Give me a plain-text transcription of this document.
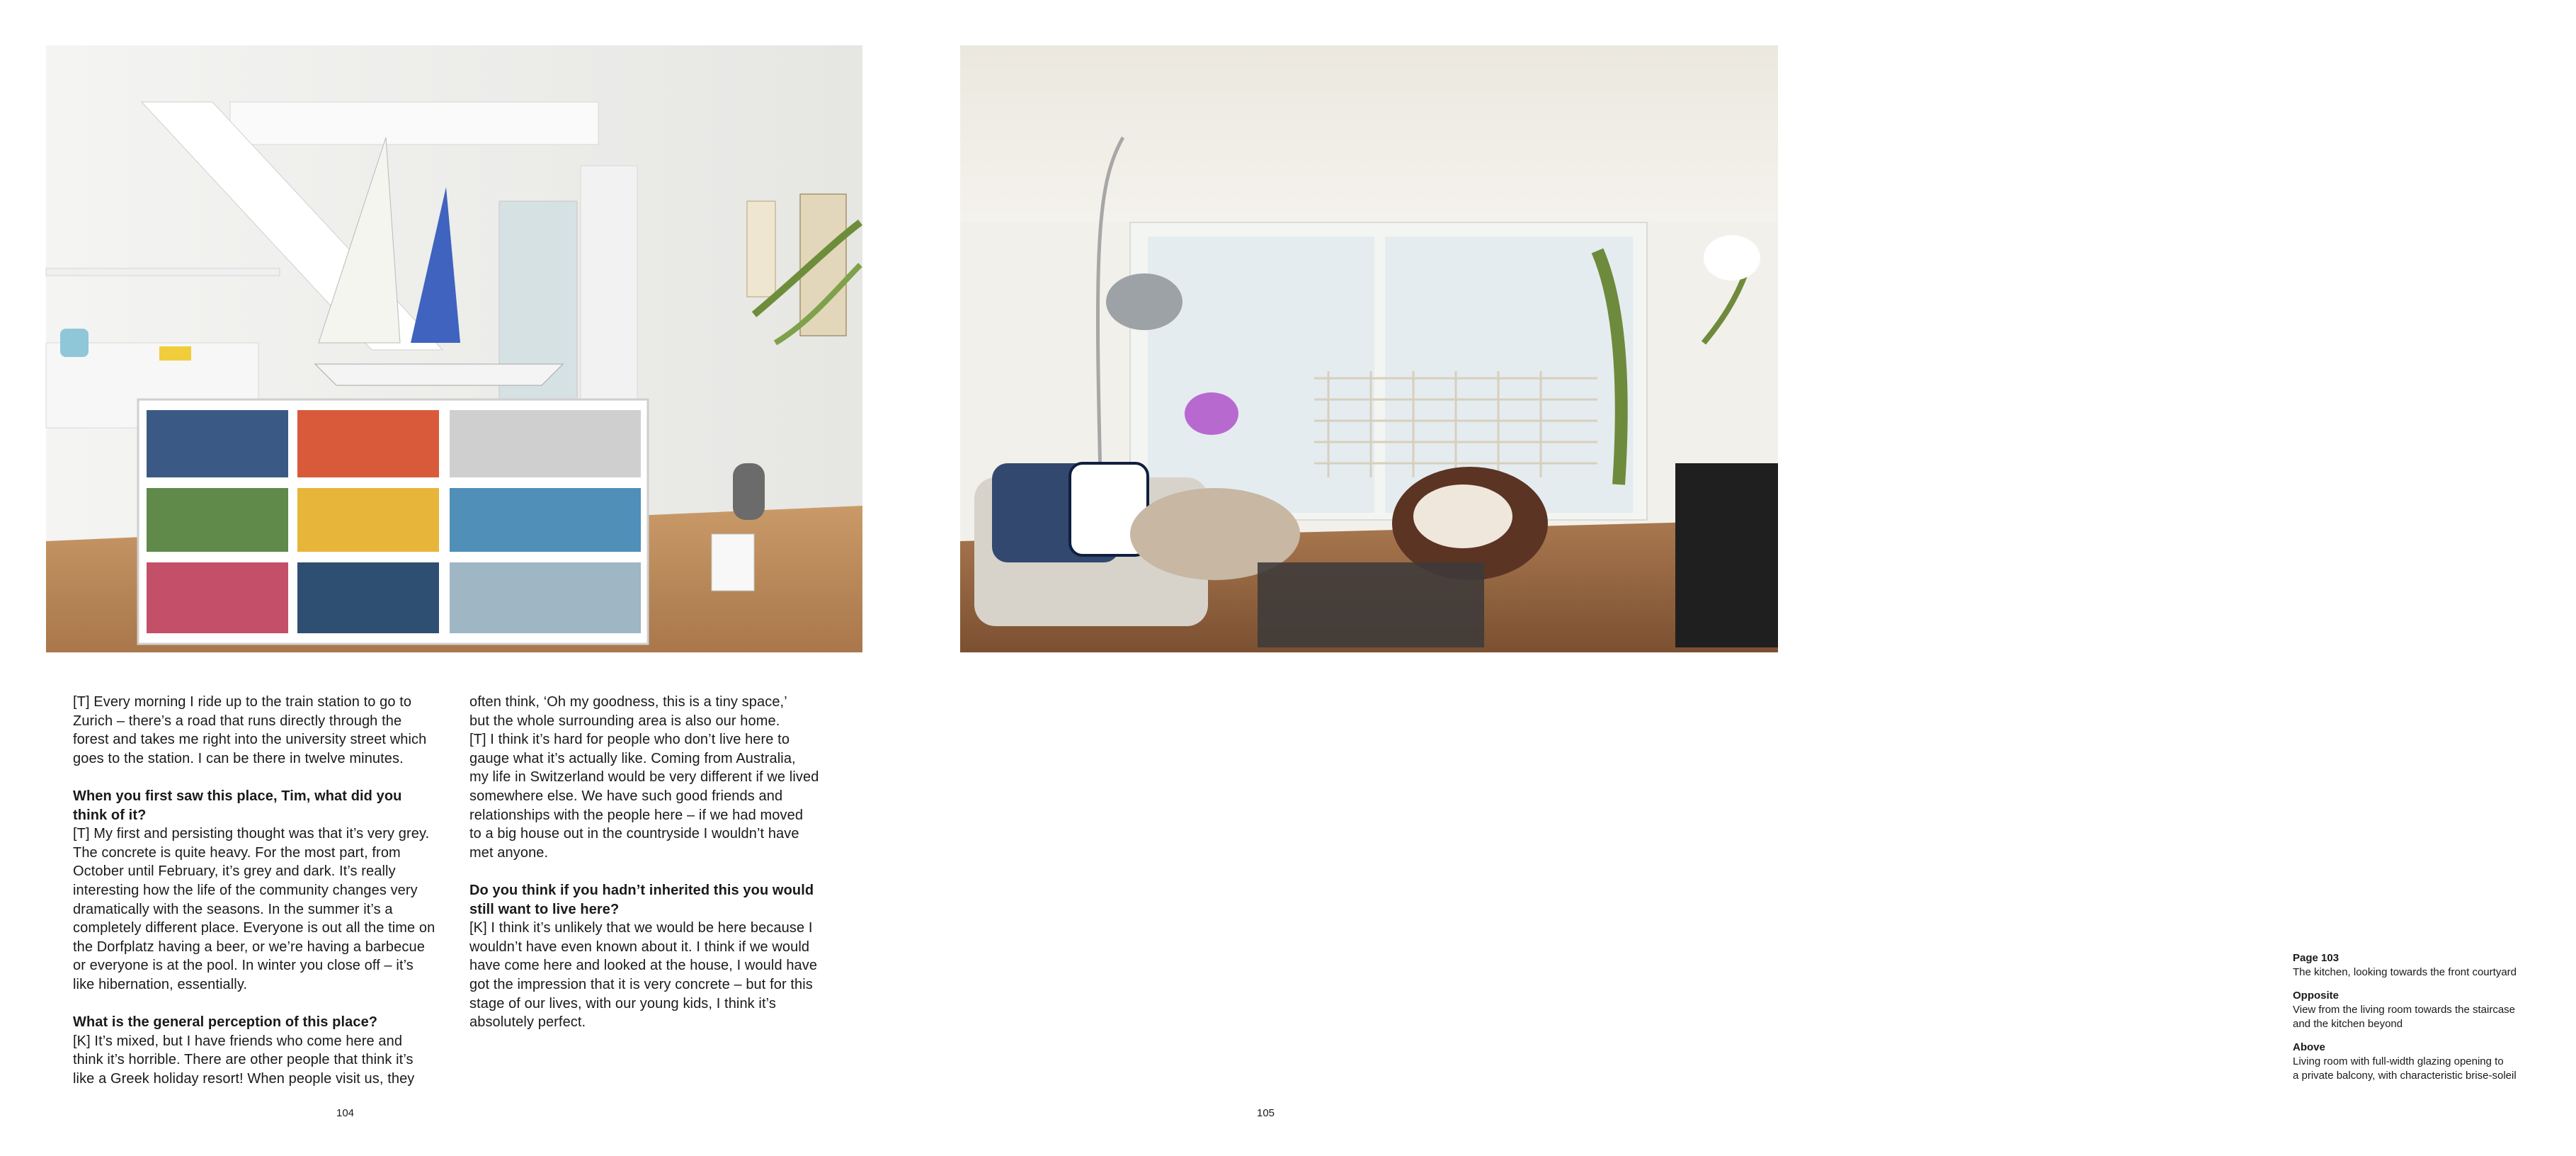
[T] Every morning I ride up to the train station to go to
Zurich – there’s a road that runs directly through the
forest and takes me right into the university street which
goes to the station. I can be there in twelve minutes.

When you first saw this place, Tim, what did you
think of it?

[T] My first and persisting thought was that it’s very grey.
The concrete is quite heavy. For the most part, from
October until February, it’s grey and dark. It’s really
interesting how the life of the community changes very
dramatically with the seasons. In the summer it’s a
completely different place. Everyone is out all the time on
the Dorfplatz having a beer, or we’re having a barbecue
or everyone is at the pool. In winter you close off – it’s
like hibernation, essentially.

What is the general perception of this place?

[K] It’s mixed, but I have friends who come here and
think it’s horrible. There are other people that think it’s
like a Greek holiday resort! When people visit us, they

often think, ‘Oh my goodness, this is a tiny space,’
but the whole surrounding area is also our home.
[T] I think it’s hard for people who don’t live here to
gauge what it’s actually like. Coming from Australia,
my life in Switzerland would be very different if we lived
somewhere else. We have such good friends and
relationships with the people here – if we had moved
to a big house out in the countryside I wouldn’t have
met anyone.

Do you think if you hadn’t inherited this you would
still want to live here?

[K] I think it’s unlikely that we would be here because I
wouldn’t have even known about it. I think if we would
have come here and looked at the house, I would have
got the impression that it is very concrete – but for this
stage of our lives, with our young kids, I think it’s
absolutely perfect.

104
Page 103
The kitchen, looking towards the front courtyard
Opposite
View from the living room towards the staircase
and the kitchen beyond
Above
Living room with full-width glazing opening to
a private balcony, with characteristic brise-soleil
105
